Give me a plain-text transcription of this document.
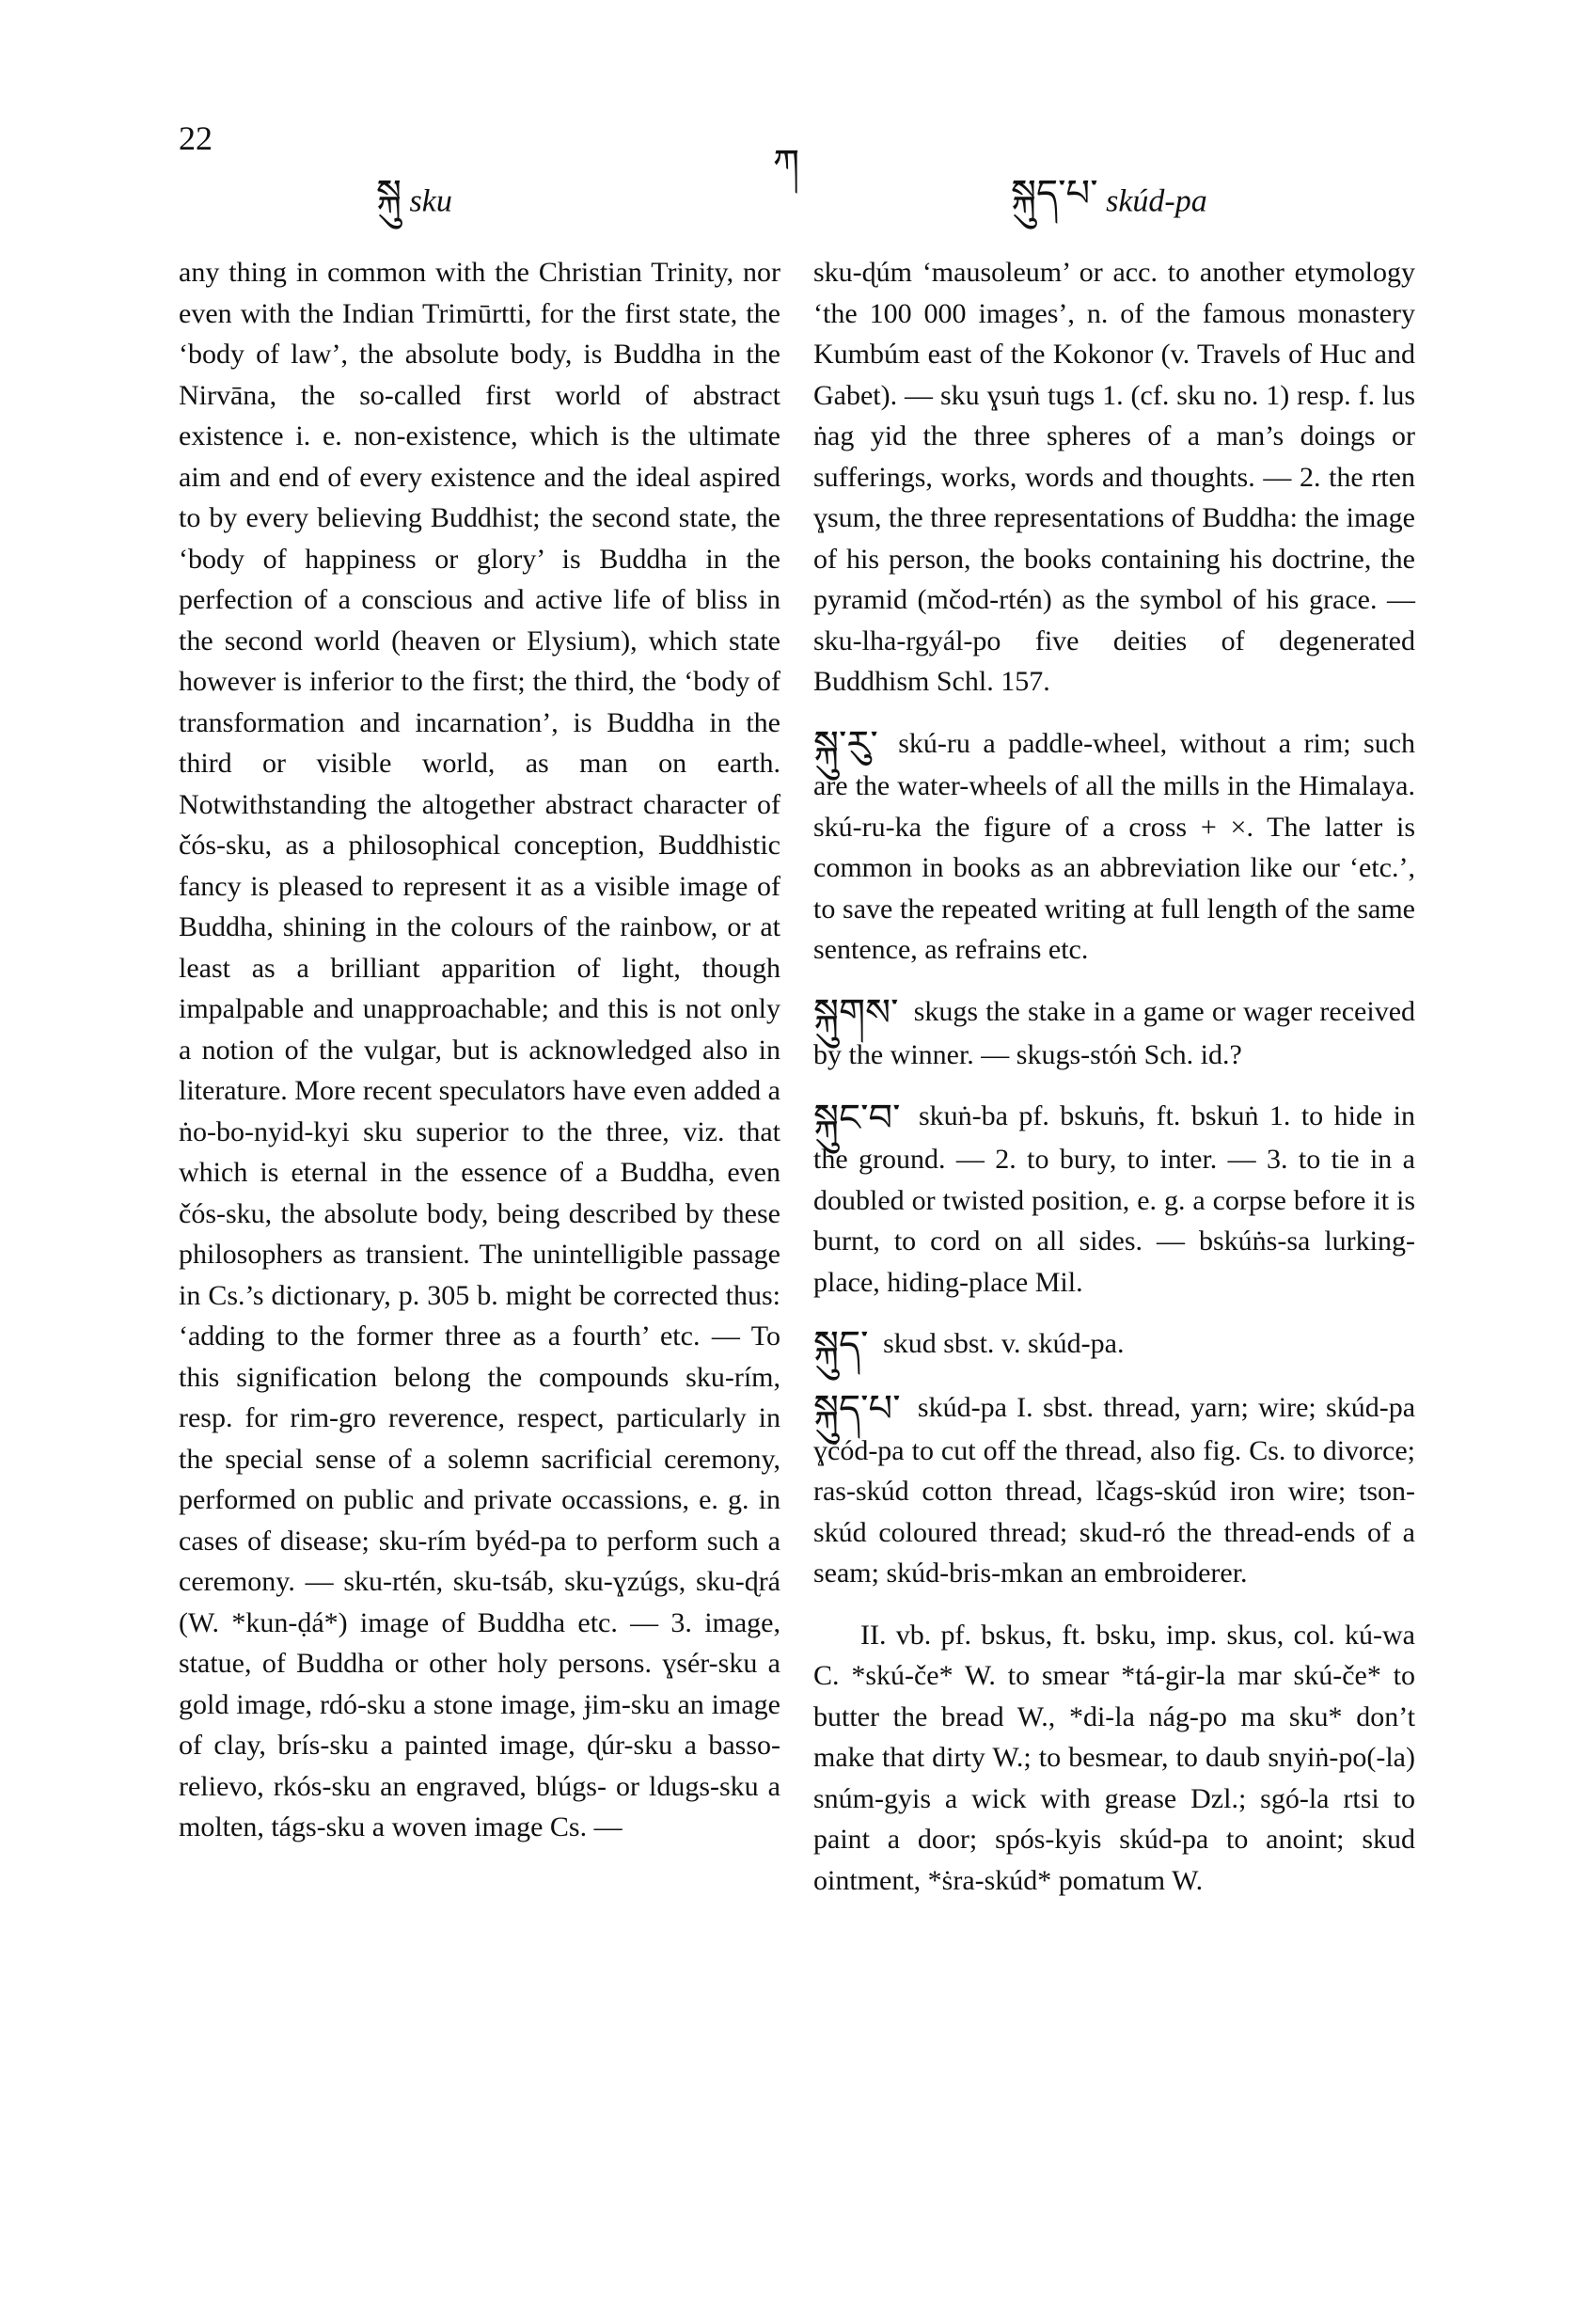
22
སྐུ sku
ཀ
སྐུད་པ་ skúd-pa

any thing in common with the Christian Trinity, nor even with the Indian Trimūrtti, for the first state, the ‘body of law’, the absolute body, is Buddha in the Nirvāna, the so-called first world of abstract existence i. e. non-existence, which is the ultimate aim and end of every existence and the ideal aspired to by every believing Buddhist; the second state, the ‘body of happiness or glory’ is Buddha in the perfection of a conscious and active life of bliss in the second world (heaven or Elysium), which state however is inferior to the first; the third, the ‘body of transformation and incarnation’, is Buddha in the third or visible world, as man on earth. Notwithstanding the altogether abstract character of čós-sku, as a philosophical conception, Buddhistic fancy is pleased to represent it as a visible image of Buddha, shining in the colours of the rainbow, or at least as a brilliant apparition of light, though impalpable and unapproachable; and this is not only a notion of the vulgar, but is acknowledged also in literature. More recent speculators have even added a ṅo-bo-nyid-kyi sku superior to the three, viz. that which is eternal in the essence of a Buddha, even čós-sku, the absolute body, being described by these philosophers as transient. The unintelligible passage in Cs.’s dictionary, p. 305 b. might be corrected thus: ‘adding to the former three as a fourth’ etc. — To this signification belong the compounds sku-rím, resp. for rim-gro reverence, respect, particularly in the special sense of a solemn sacrificial ceremony, performed on public and private occassions, e. g. in cases of disease; sku-rím byéd-pa to perform such a ceremony. — sku-rtén, sku-tsáb, sku-ɣzúgs, sku-ɖrá (W. *kun-ḍá*) image of Buddha etc. — 3. image, statue, of Buddha or other holy persons. ɣsér-sku a gold image, rdó-sku a stone image, ɉim-sku an image of clay, brís-sku a painted image, ɖúr-sku a basso-relievo, rkós-sku an engraved, blúgs- or ldugs-sku a molten, tágs-sku a woven image Cs. —

sku-ɖúm ‘mausoleum’ or acc. to another etymology ‘the 100 000 images’, n. of the famous monastery Kumbúm east of the Kokonor (v. Travels of Huc and Gabet). — sku ɣsuṅ tugs 1. (cf. sku no. 1) resp. f. lus ṅag yid the three spheres of a man’s doings or sufferings, works, words and thoughts. — 2. the rten ɣsum, the three representations of Buddha: the image of his person, the books containing his doctrine, the pyramid (mčod-rtén) as the symbol of his grace. — sku-lha-rgyál-po five deities of degenerated Buddhism Schl. 157.

སྐུ་རུ་ skú-ru a paddle-wheel, without a rim; such are the water-wheels of all the mills in the Himalaya. skú-ru-ka the figure of a cross + ×. The latter is common in books as an abbreviation like our ‘etc.’, to save the repeated writing at full length of the same sentence, as refrains etc.

སྐུགས་ skugs the stake in a game or wager received by the winner. — skugs-stóṅ Sch. id.?

སྐུང་བ་ skuṅ-ba pf. bskuṅs, ft. bskuṅ 1. to hide in the ground. — 2. to bury, to inter. — 3. to tie in a doubled or twisted position, e. g. a corpse before it is burnt, to cord on all sides. — bskúṅs-sa lurking-place, hiding-place Mil.

སྐུད་ skud sbst. v. skúd-pa.

སྐུད་པ་ skúd-pa I. sbst. thread, yarn; wire; skúd-pa ɣčód-pa to cut off the thread, also fig. Cs. to divorce; ras-skúd cotton thread, lčags-skúd iron wire; tson-skúd coloured thread; skud-ró the thread-ends of a seam; skúd-bris-mkan an embroiderer.

II. vb. pf. bskus, ft. bsku, imp. skus, col. kú-wa C. *skú-če* W. to smear *tá-gir-la mar skú-če* to butter the bread W., *di-la nág-po ma sku* don’t make that dirty W.; to besmear, to daub snyiṅ-po(-la) snúm-gyis a wick with grease Dzl.; sgó-la rtsi to paint a door; spós-kyis skúd-pa to anoint; skud ointment, *ṡra-skúd* pomatum W.
